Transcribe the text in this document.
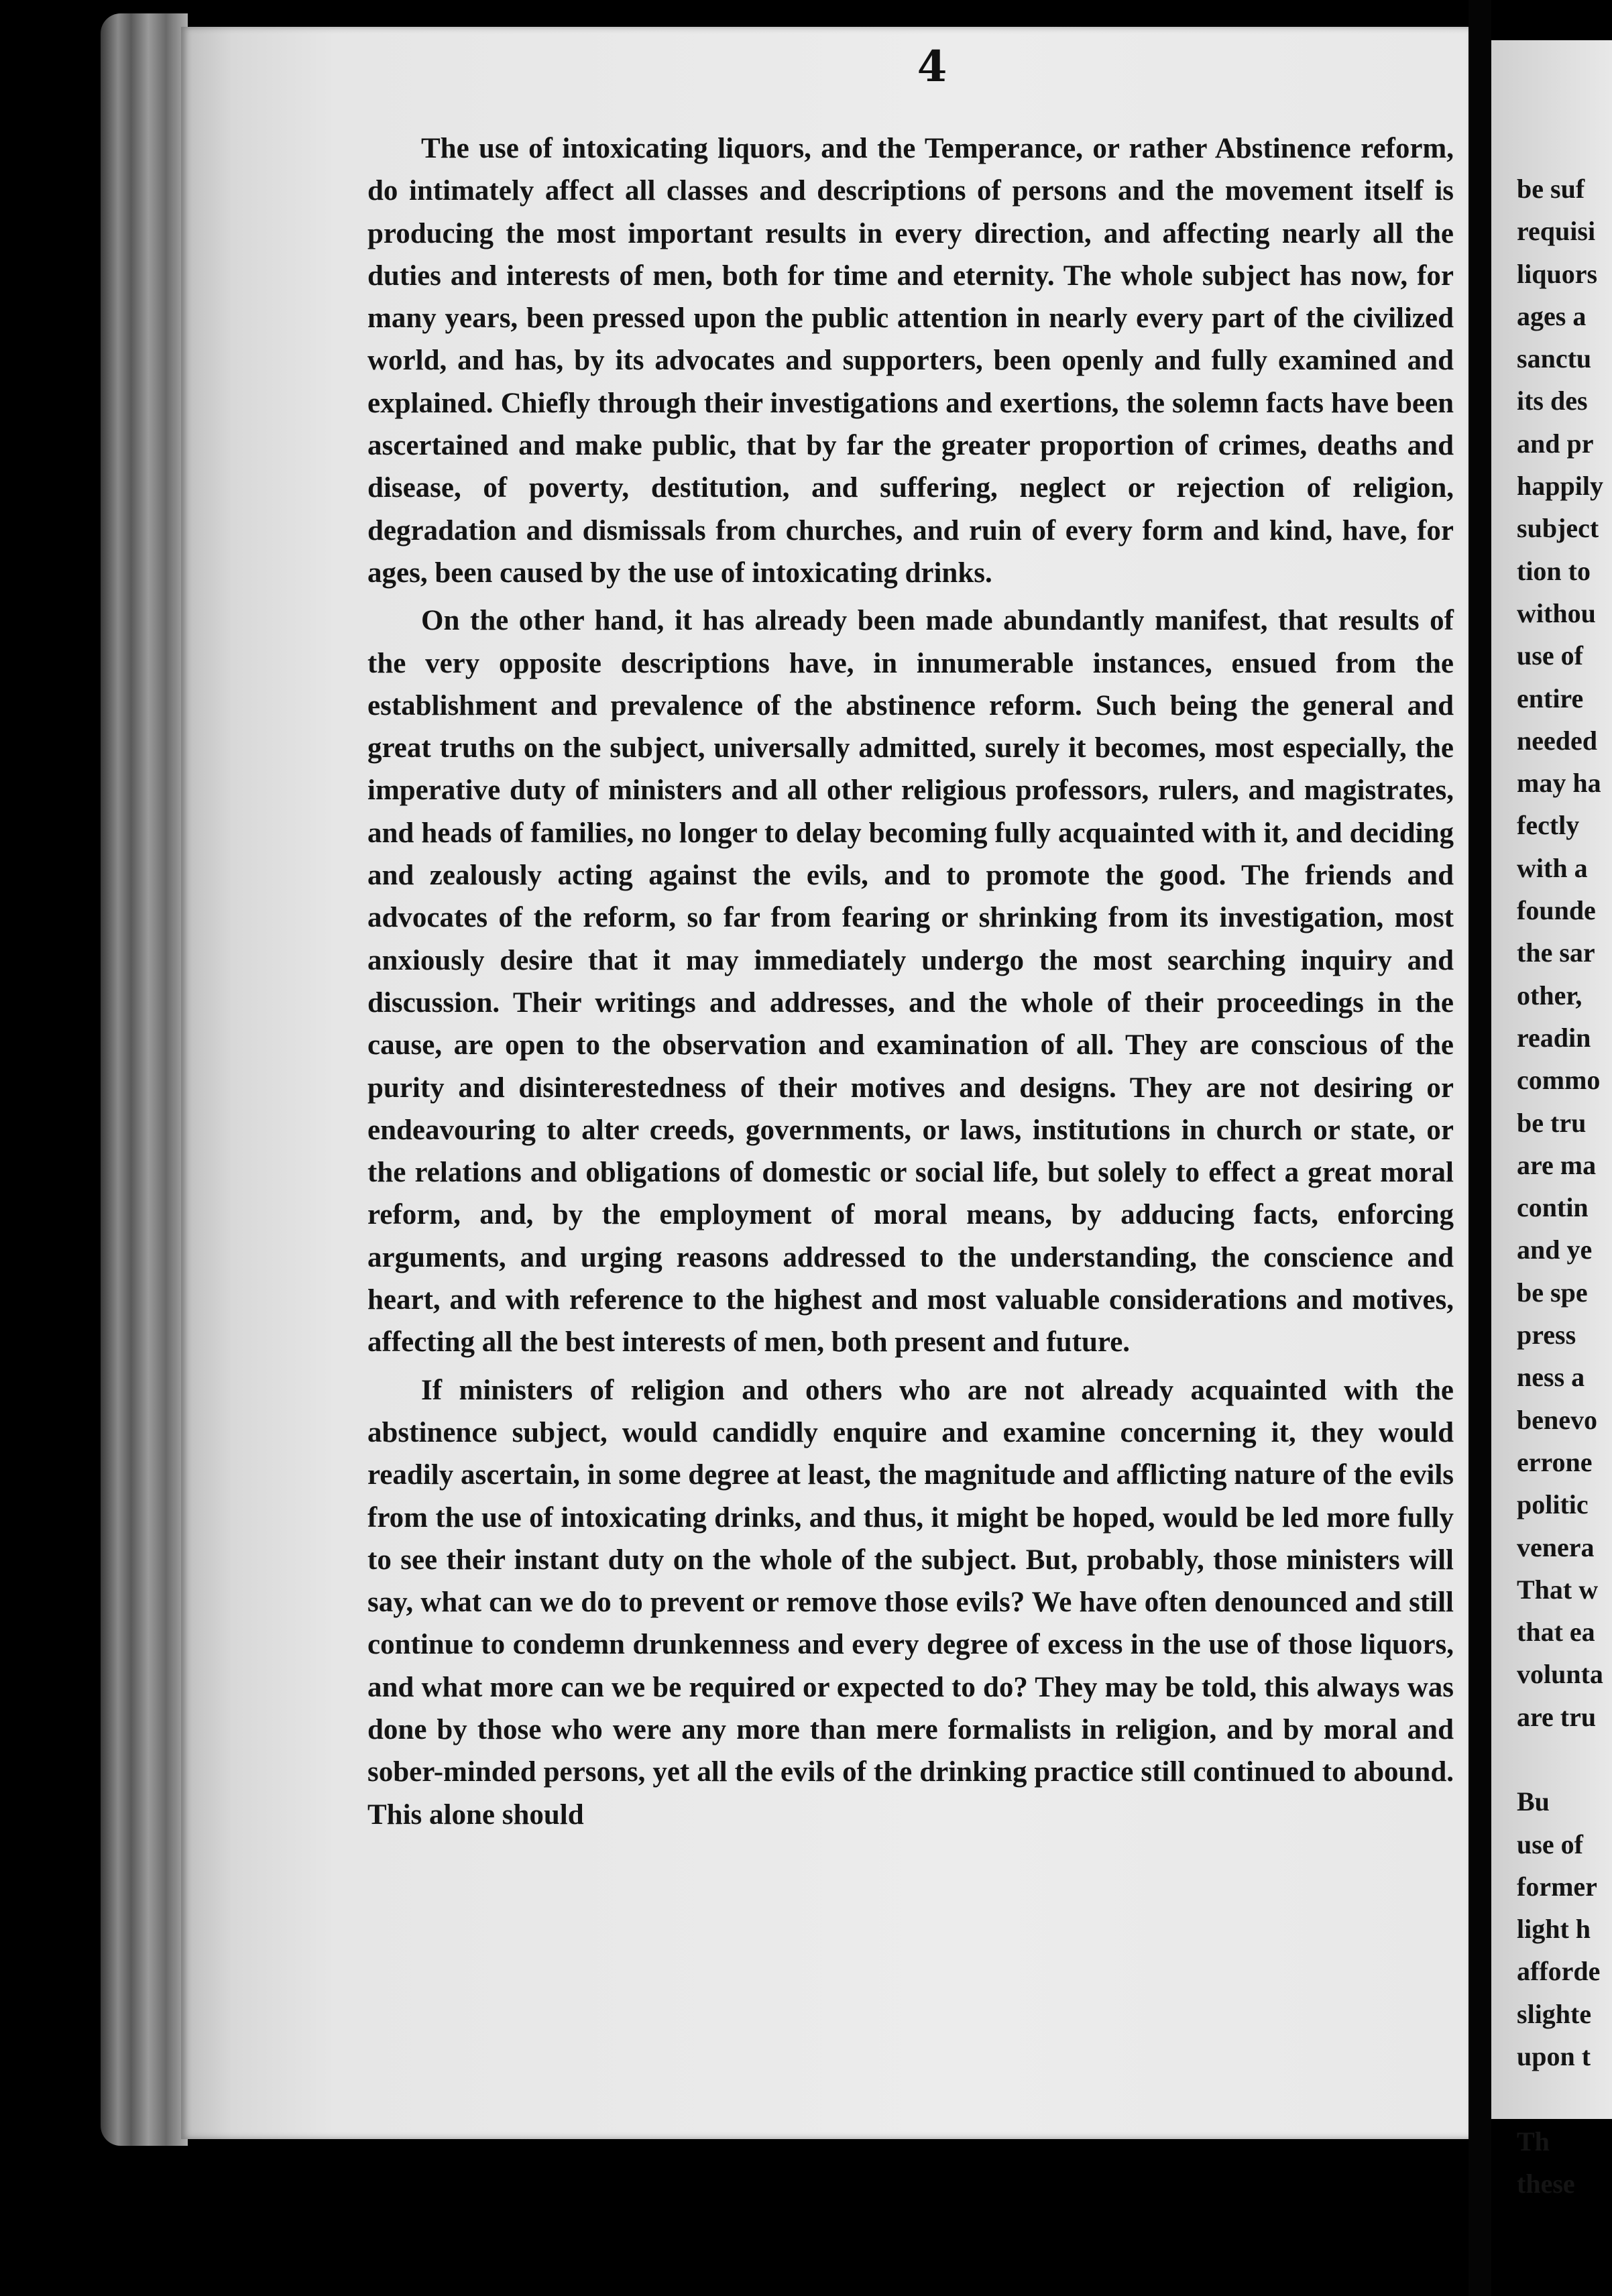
4

The use of intoxicating liquors, and the Temperance, or rather Abstinence reform, do intimately affect all classes and descriptions of persons and the movement itself is producing the most important results in every direction, and affecting nearly all the duties and interests of men, both for time and eternity. The whole subject has now, for many years, been pressed upon the public attention in nearly every part of the civilized world, and has, by its advocates and supporters, been openly and fully examined and explained. Chiefly through their investigations and exertions, the solemn facts have been ascertained and make public, that by far the greater proportion of crimes, deaths and disease, of poverty, destitution, and suffering, neglect or rejection of religion, degradation and dismissals from churches, and ruin of every form and kind, have, for ages, been caused by the use of intoxicating drinks.

On the other hand, it has already been made abundantly manifest, that results of the very opposite descriptions have, in innumerable instances, ensued from the establishment and prevalence of the abstinence reform. Such being the general and great truths on the subject, universally admitted, surely it becomes, most especially, the imperative duty of ministers and all other religious professors, rulers, and magistrates, and heads of families, no longer to delay becoming fully acquainted with it, and deciding and zealously acting against the evils, and to promote the good. The friends and advocates of the reform, so far from fearing or shrinking from its investigation, most anxiously desire that it may immediately undergo the most searching inquiry and discussion. Their writings and addresses, and the whole of their proceedings in the cause, are open to the observation and examination of all. They are conscious of the purity and disinterestedness of their motives and designs. They are not desiring or endeavouring to alter creeds, governments, or laws, institutions in church or state, or the relations and obligations of domestic or social life, but solely to effect a great moral reform, and, by the employment of moral means, by adducing facts, enforcing arguments, and urging reasons addressed to the understanding, the conscience and heart, and with reference to the highest and most valuable considerations and motives, affecting all the best interests of men, both present and future.

If ministers of religion and others who are not already acquainted with the abstinence subject, would candidly enquire and examine concerning it, they would readily ascertain, in some degree at least, the magnitude and afflicting nature of the evils from the use of intoxicating drinks, and thus, it might be hoped, would be led more fully to see their instant duty on the whole of the subject. But, probably, those ministers will say, what can we do to prevent or remove those evils? We have often denounced and still continue to condemn drunkenness and every degree of excess in the use of those liquors, and what more can we be required or expected to do? They may be told, this always was done by those who were any more than mere formalists in religion, and by moral and sober-minded persons, yet all the evils of the drinking practice still continued to abound. This alone should

be suf
requisi
liquors
ages a
sanctu
its des
and pr
happily
subject
tion to
withou
use of
entire
needed
may ha
fectly
with a
founde
the sar
other,
readin
commo
be tru
are ma
contin
and ye
be spe
press
ness a
benevo
errone
politic
venera
That w
that ea
volunta
are tru
Bu
use of
former
light h
afforde
slighte
upon t
Th
these
